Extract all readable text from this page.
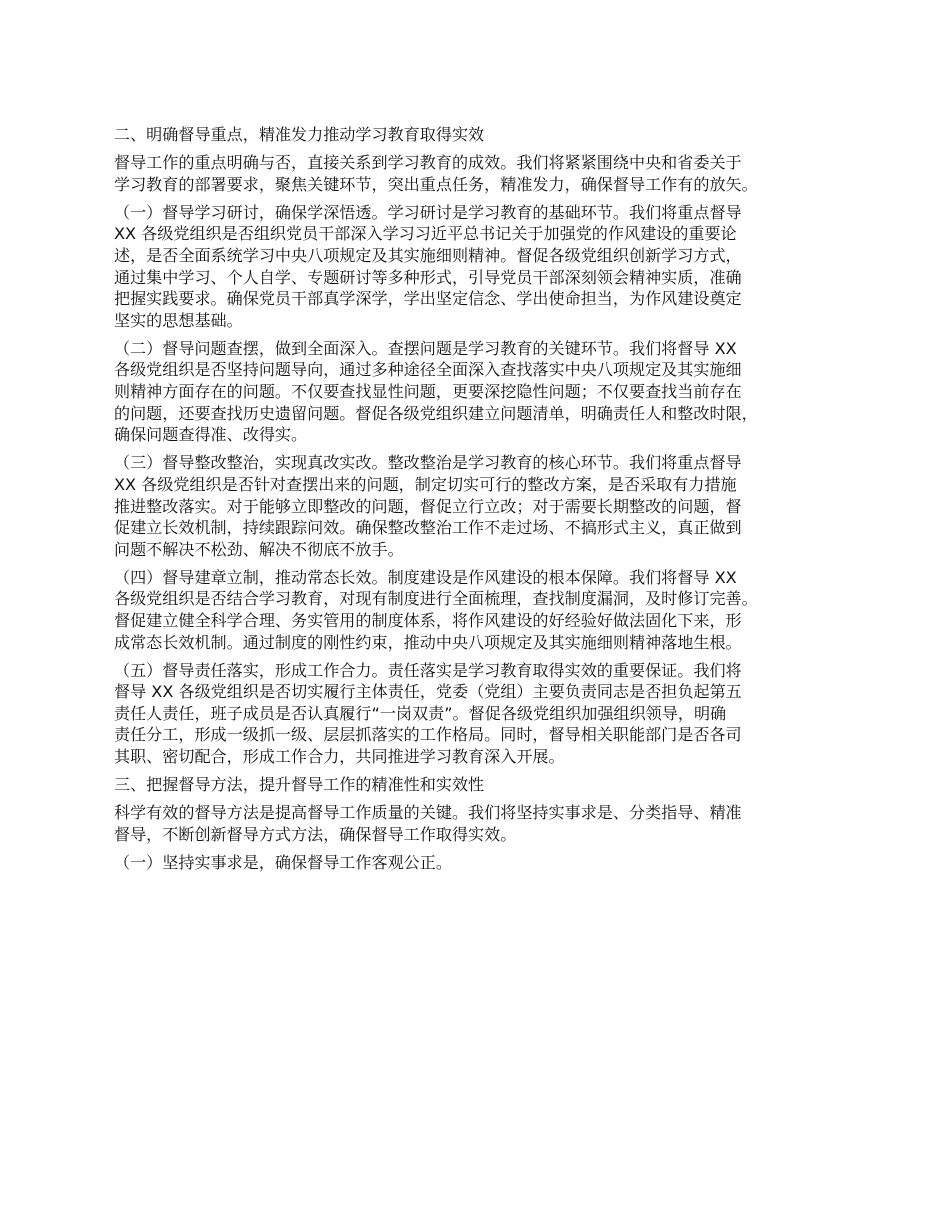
二、明确督导重点，精准发力推动学习教育取得实效
督导工作的重点明确与否，直接关系到学习教育的成效。我们将紧紧围绕中央和省委关于
学习教育的部署要求，聚焦关键环节，突出重点任务，精准发力，确保督导工作有的放矢。
（一）督导学习研讨，确保学深悟透。学习研讨是学习教育的基础环节。我们将重点督导
XX 各级党组织是否组织党员干部深入学习习近平总书记关于加强党的作风建设的重要论
述，是否全面系统学习中央八项规定及其实施细则精神。督促各级党组织创新学习方式，
通过集中学习、个人自学、专题研讨等多种形式，引导党员干部深刻领会精神实质，准确
把握实践要求。确保党员干部真学深学，学出坚定信念、学出使命担当，为作风建设奠定
坚实的思想基础。
（二）督导问题查摆，做到全面深入。查摆问题是学习教育的关键环节。我们将督导 XX
各级党组织是否坚持问题导向，通过多种途径全面深入查找落实中央八项规定及其实施细
则精神方面存在的问题。不仅要查找显性问题，更要深挖隐性问题；不仅要查找当前存在
的问题，还要查找历史遗留问题。督促各级党组织建立问题清单，明确责任人和整改时限，
确保问题查得准、改得实。
（三）督导整改整治，实现真改实改。整改整治是学习教育的核心环节。我们将重点督导
XX 各级党组织是否针对查摆出来的问题，制定切实可行的整改方案，是否采取有力措施
推进整改落实。对于能够立即整改的问题，督促立行立改；对于需要长期整改的问题，督
促建立长效机制，持续跟踪问效。确保整改整治工作不走过场、不搞形式主义，真正做到
问题不解决不松劲、解决不彻底不放手。
（四）督导建章立制，推动常态长效。制度建设是作风建设的根本保障。我们将督导 XX
各级党组织是否结合学习教育，对现有制度进行全面梳理，查找制度漏洞，及时修订完善。
督促建立健全科学合理、务实管用的制度体系，将作风建设的好经验好做法固化下来，形
成常态长效机制。通过制度的刚性约束，推动中央八项规定及其实施细则精神落地生根。
（五）督导责任落实，形成工作合力。责任落实是学习教育取得实效的重要保证。我们将
督导 XX 各级党组织是否切实履行主体责任，党委（党组）主要负责同志是否担负起第五
责任人责任，班子成员是否认真履行“一岗双责”。督促各级党组织加强组织领导，明确
责任分工，形成一级抓一级、层层抓落实的工作格局。同时，督导相关职能部门是否各司
其职、密切配合，形成工作合力，共同推进学习教育深入开展。
三、把握督导方法，提升督导工作的精准性和实效性
科学有效的督导方法是提高督导工作质量的关键。我们将坚持实事求是、分类指导、精准
督导，不断创新督导方式方法，确保督导工作取得实效。
（一）坚持实事求是，确保督导工作客观公正。
